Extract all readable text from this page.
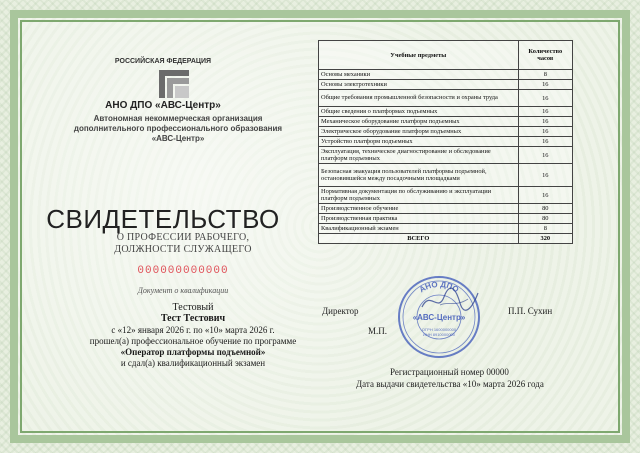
РОССИЙСКАЯ ФЕДЕРАЦИЯ
АНО ДПО «АВС-Центр»
Автономная некоммерческая организация
дополнительного профессионального образования
«АВС-Центр»
СВИДЕТЕЛЬСТВО
О ПРОФЕССИИ РАБОЧЕГО,
ДОЛЖНОСТИ СЛУЖАЩЕГО
000000000000
Документ о квалификации
Тестовый
Тест Тестович
с «12» января 2026 г. по «10» марта 2026 г.
прошел(а) профессиональное обучение по программе
«Оператор платформы подъемной»
и сдал(а) квалификационный экзамен
Учебные предметы	Количество часов
Основы механики	8
Основы электротехники	16
Общие требования промышленной безопасности и охраны труда	16
Общие сведения о платформах подъемных	16
Механическое оборудование платформ подъемных	16
Электрическое оборудование платформ подъемных	16
Устройство платформ подъемных	16
Эксплуатация, техническое диагностирование и обследование платформ подъемных	16
Безопасная эвакуация пользователей платформы подъемной, остановившейся между посадочными площадками	16
Нормативная документация по обслуживанию и эксплуатации платформ подъемных	16
Производственное обучение	80
Производственная практика	80
Квалификационный экзамен	8
ВСЕГО	320
Директор	П.П. Сухин
М.П.
АНО ДПО
«АВС-Центр»
ОГРН 1600000000
ИНН 8910000000
Регистрационный номер 00000
Дата выдачи свидетельства «10» марта 2026 года
